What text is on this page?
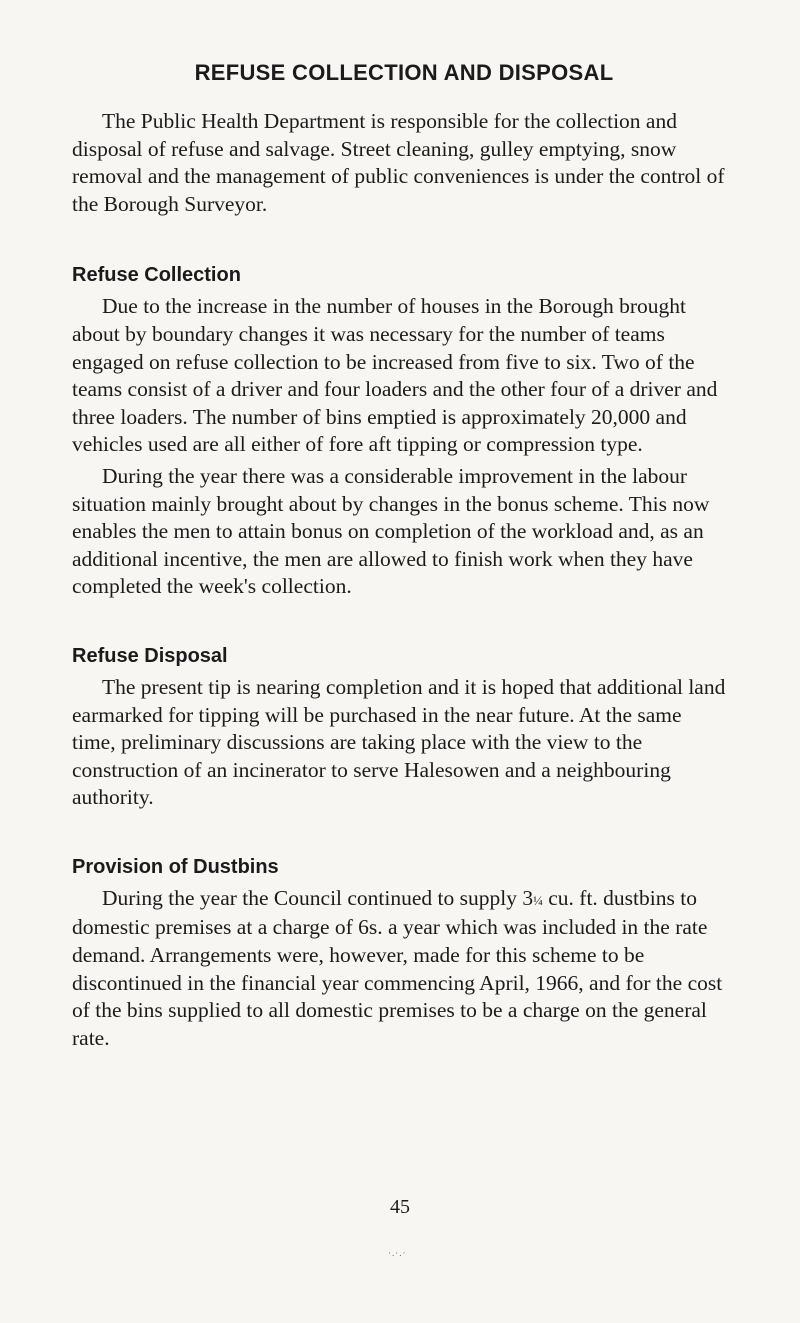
REFUSE COLLECTION AND DISPOSAL

The Public Health Department is responsible for the collection and disposal of refuse and salvage. Street cleaning, gulley emptying, snow removal and the management of public conveniences is under the control of the Borough Surveyor.

Refuse Collection

Due to the increase in the number of houses in the Borough brought about by boundary changes it was necessary for the number of teams engaged on refuse collection to be increased from five to six. Two of the teams consist of a driver and four loaders and the other four of a driver and three loaders. The number of bins emptied is approximately 20,000 and vehicles used are all either of fore aft tipping or compression type.

During the year there was a considerable improvement in the labour situation mainly brought about by changes in the bonus scheme. This now enables the men to attain bonus on completion of the workload and, as an additional incentive, the men are allowed to finish work when they have completed the week's collection.

Refuse Disposal

The present tip is nearing completion and it is hoped that additional land earmarked for tipping will be purchased in the near future. At the same time, preliminary discussions are taking place with the view to the construction of an incinerator to serve Halesowen and a neighbouring authority.

Provision of Dustbins

During the year the Council continued to supply 3¼ cu. ft. dustbins to domestic premises at a charge of 6s. a year which was included in the rate demand. Arrangements were, however, made for this scheme to be discontinued in the financial year commencing April, 1966, and for the cost of the bins supplied to all domestic premises to be a charge on the general rate.

45
·.·.·
